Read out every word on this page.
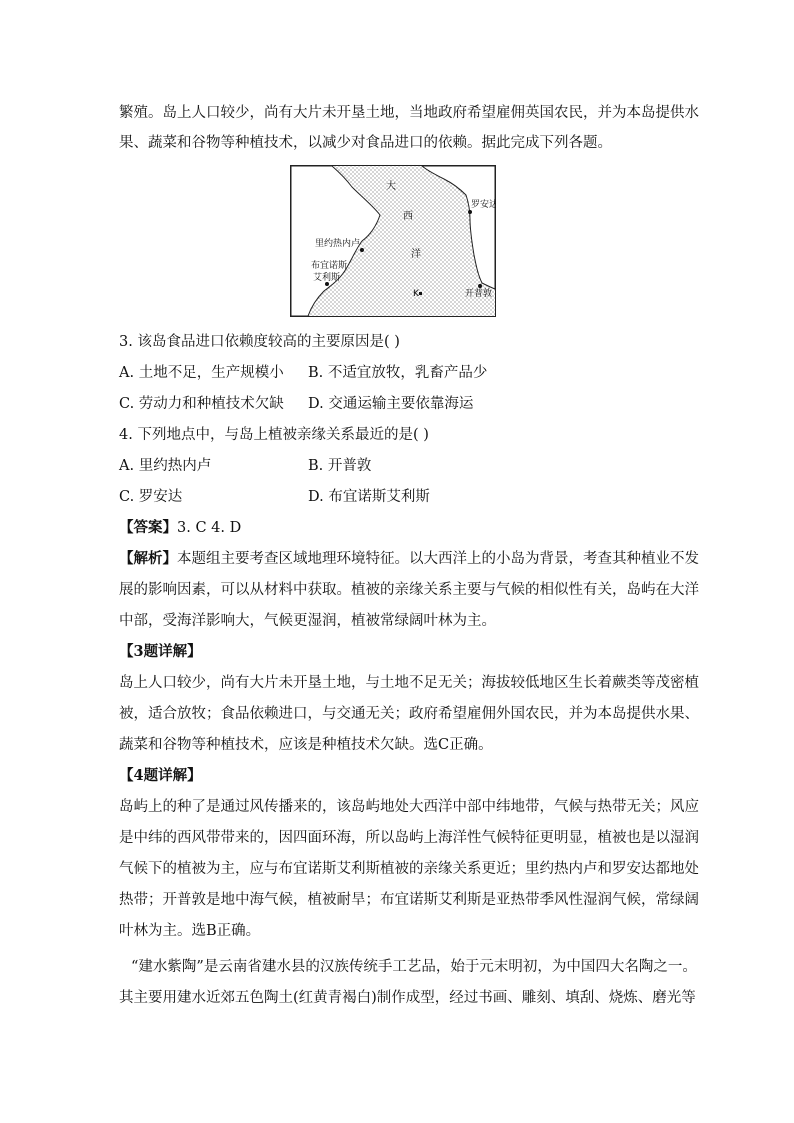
繁殖。岛上人口较少，尚有大片未开垦土地，当地政府希望雇佣英国农民，并为本岛提供水
果、蔬菜和谷物等种植技术，以减少对食品进口的依赖。据此完成下列各题。
大
西
洋
罗安达
里约热内卢
布宜诺斯
艾利斯
K	开普敦
3. 该岛食品进口依赖度较高的主要原因是( )
A. 土地不足，生产规模小 B. 不适宜放牧，乳畜产品少
C. 劳动力和种植技术欠缺 D. 交通运输主要依靠海运
4. 下列地点中，与岛上植被亲缘关系最近的是( )
A. 里约热内卢	B. 开普敦
C. 罗安达	D. 布宜诺斯艾利斯
【答案】3. C 4. D
【解析】本题组主要考查区域地理环境特征。以大西洋上的小岛为背景，考查其种植业不发
展的影响因素，可以从材料中获取。植被的亲缘关系主要与气候的相似性有关，岛屿在大洋
中部，受海洋影响大，气候更湿润，植被常绿阔叶林为主。
【3题详解】
岛上人口较少，尚有大片未开垦土地，与土地不足无关；海拔较低地区生长着蕨类等茂密植
被，适合放牧；食品依赖进口，与交通无关；政府希望雇佣外国农民，并为本岛提供水果、
蔬菜和谷物等种植技术，应该是种植技术欠缺。选C正确。
【4题详解】
岛屿上的种了是通过风传播来的，该岛屿地处大西洋中部中纬地带，气候与热带无关；风应
是中纬的西风带带来的，因四面环海，所以岛屿上海洋性气候特征更明显，植被也是以湿润
气候下的植被为主，应与布宜诺斯艾利斯植被的亲缘关系更近；里约热内卢和罗安达都地处
热带；开普敦是地中海气候，植被耐旱；布宜诺斯艾利斯是亚热带季风性湿润气候，常绿阔
叶林为主。选B正确。
“建水紫陶”是云南省建水县的汉族传统手工艺品，始于元末明初，为中国四大名陶之一。
其主要用建水近郊五色陶土(红黄青褐白)制作成型，经过书画、雕刻、填刮、烧炼、磨光等
